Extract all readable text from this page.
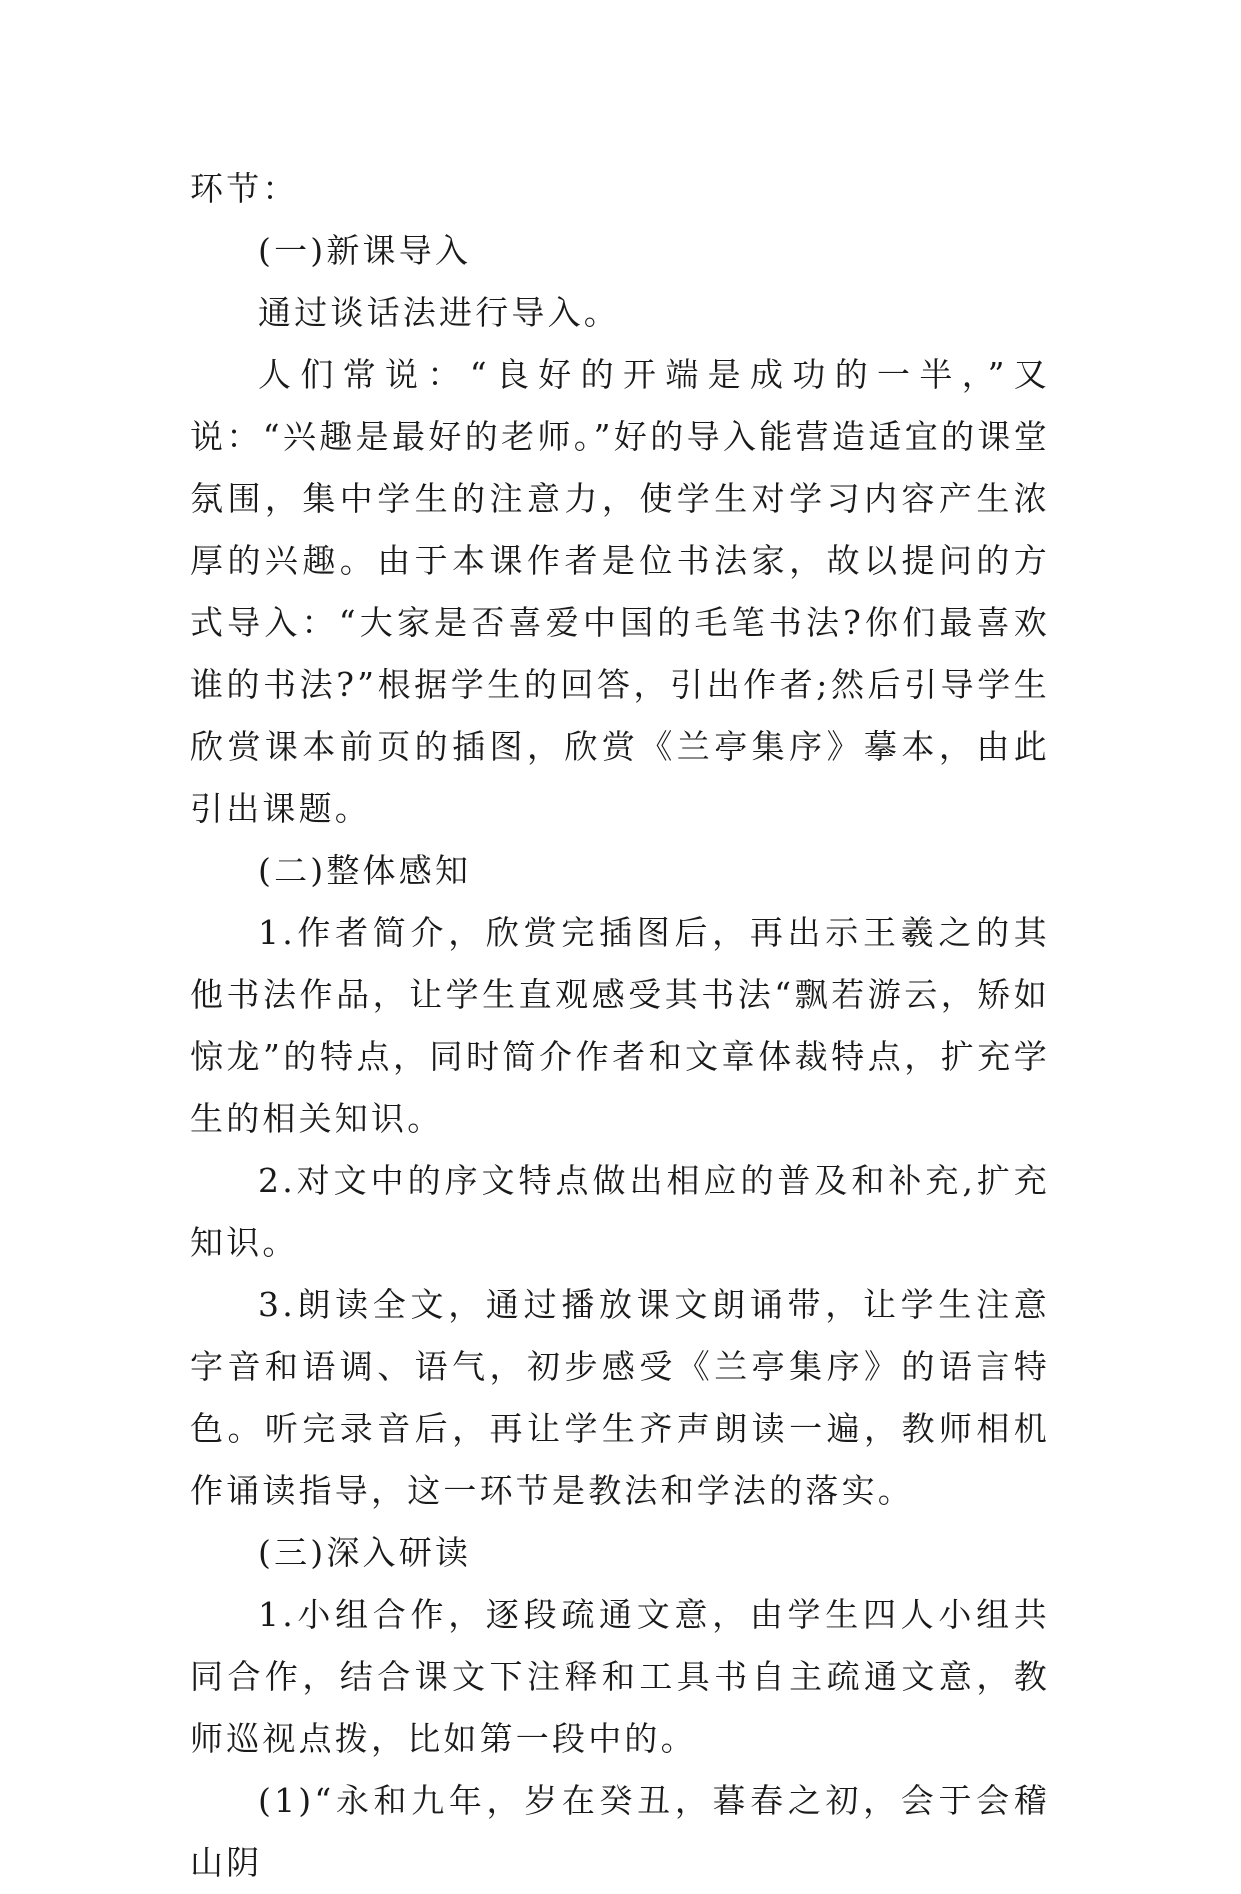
环节：

(一)新课导入

通过谈话法进行导入。

人们常说：“良好的开端是成功的一半，”又说：“兴趣是最好的老师。”好的导入能营造适宜的课堂氛围，集中学生的注意力，使学生对学习内容产生浓厚的兴趣。由于本课作者是位书法家，故以提问的方式导入：“大家是否喜爱中国的毛笔书法?你们最喜欢谁的书法?”根据学生的回答，引出作者;然后引导学生欣赏课本前页的插图，欣赏《兰亭集序》摹本，由此引出课题。

(二)整体感知

1.作者简介，欣赏完插图后，再出示王羲之的其他书法作品，让学生直观感受其书法“飘若游云，矫如惊龙”的特点，同时简介作者和文章体裁特点，扩充学生的相关知识。

2.对文中的序文特点做出相应的普及和补充,扩充知识。

3.朗读全文，通过播放课文朗诵带，让学生注意字音和语调、语气，初步感受《兰亭集序》的语言特色。听完录音后，再让学生齐声朗读一遍，教师相机作诵读指导，这一环节是教法和学法的落实。

(三)深入研读

1.小组合作，逐段疏通文意，由学生四人小组共同合作，结合课文下注释和工具书自主疏通文意，教师巡视点拨，比如第一段中的。

(1)“永和九年，岁在癸丑，暮春之初，会于会稽山阴
